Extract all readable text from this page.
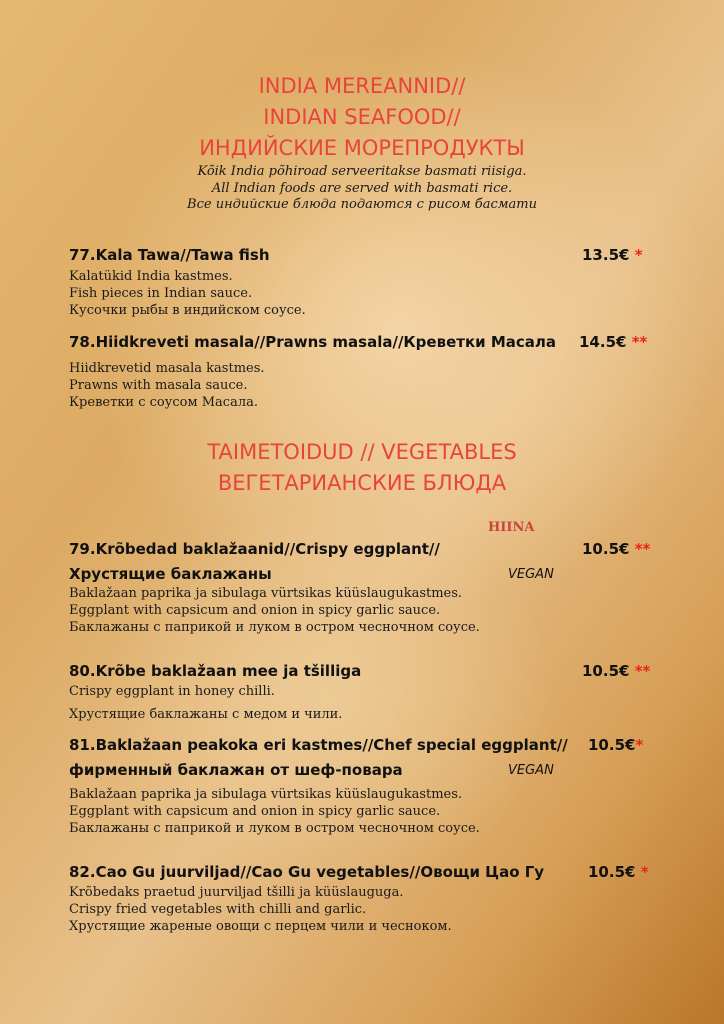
INDIA MEREANNID//
INDIAN SEAFOOD//
ИНДИЙСКИЕ МОРЕПРОДУКТЫ
Kõik India põhiroad serveeritakse basmati riisiga.
All Indian foods are served with basmati rice.
Все индийские блюда подаются с рисом басмати
77.Kala Tawa//Tawa fish	13.5€ *
Kalatükid India kastmes.
Fish pieces in Indian sauce.
Кусочки рыбы в индийском соусе.
78.Hiidkreveti masala//Prawns masala//Креветки Масала 14.5€ **
Hiidkrevetid masala kastmes.
Prawns with masala sauce.
Креветки с соусом Масала.
TAIMETOIDUD // VEGETABLES
ВЕГЕТАРИАНСКИЕ БЛЮДА
HIINA
79.Krõbedad baklažaanid//Crispy eggplant//	10.5€ **
Хрустящие баклажаны	VEGAN
Baklažaan paprika ja sibulaga vürtsikas küüslaugukastmes.
Eggplant with capsicum and onion in spicy garlic sauce.
Баклажаны с паприкой и луком в остром чесночном соусе.
80.Krõbe baklažaan mee ja tšilliga	10.5€ **
Crispy eggplant in honey chilli.
Хрустящие баклажаны с медом и чили.
81.Baklažaan peakoka eri kastmes//Chef special eggplant// 10.5€*
фирменный баклажан от шеф-повара	VEGAN
Baklažaan paprika ja sibulaga vürtsikas küüslaugukastmes.
Eggplant with capsicum and onion in spicy garlic sauce.
Баклажаны с паприкой и луком в остром чесночном соусе.
82.Cao Gu juurviljad//Cao Gu vegetables//Овощи Цао Гу	10.5€ *
Krõbedaks praetud juurviljad tšilli ja küüslauguga.
Crispy fried vegetables with chilli and garlic.
Хрустящие жареные овощи с перцем чили и чесноком.
